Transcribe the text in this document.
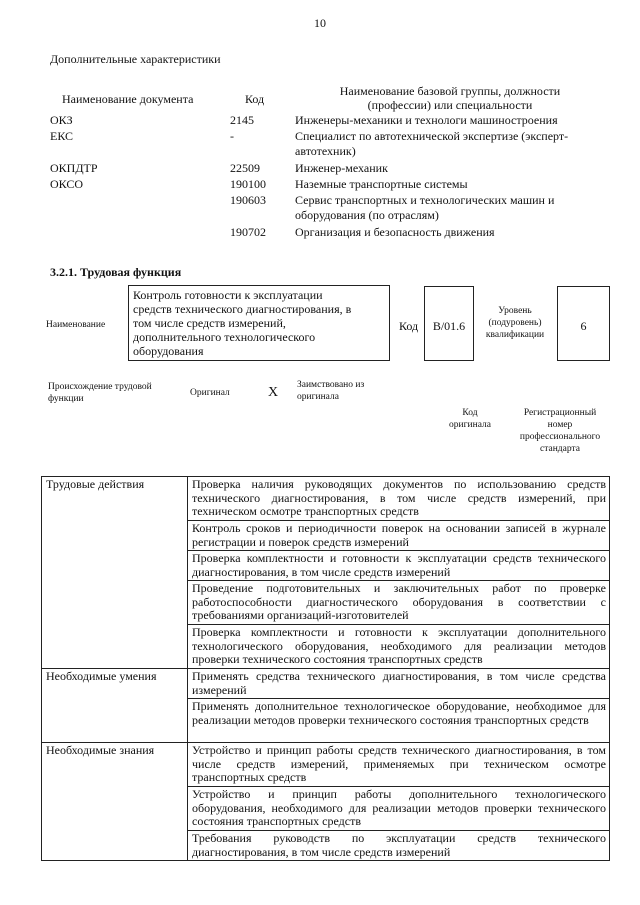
10
Дополнительные характеристики
Наименование документа	Код
Наименование базовой группы, должности
(профессии) или специальности
ОКЗ	2145	Инженеры-механики и технологи машиностроения
ЕКС	-	Специалист по автотехнической экспертизе (эксперт-
автотехник)
ОКПДТР	22509	Инженер-механик
ОКСО	190100 Наземные транспортные системы
190603 Сервис транспортных и технологических машин и
оборудования (по отраслям)
190702 Организация и безопасность движения
3.2.1. Трудовая функция
Наименование
Контроль готовности к эксплуатации
средств технического диагностирования, в
том числе средств измерений,
дополнительного технологического
оборудования
Код	B/01.6
Уровень
(подуровень)
квалификации
6
Происхождение трудовой
функции
Оригинал	X Заимствовано из
оригинала
Код
оригинала
Регистрационный
номер
профессионального
стандарта
Трудовые действия	Проверка наличия руководящих документов по использованию средств технического диагностирования, в том числе средств измерений, при техническом осмотре транспортных средств
	Контроль сроков и периодичности поверок на основании записей в журнале регистрации и поверок средств измерений
	Проверка комплектности и готовности к эксплуатации средств технического диагностирования, в том числе средств измерений
	Проведение подготовительных и заключительных работ по проверке работоспособности диагностического оборудования в соответствии с требованиями организаций-изготовителей
	Проверка комплектности и готовности к эксплуатации дополнительного технологического оборудования, необходимого для реализации методов проверки технического состояния транспортных средств
Необходимые умения	Применять средства технического диагностирования, в том числе средства измерений
	Применять дополнительное технологическое оборудование, необходимое для реализации методов проверки технического состояния транспортных средств
Необходимые знания	Устройство и принцип работы средств технического диагностирования, в том числе средств измерений, применяемых при техническом осмотре транспортных средств
	Устройство и принцип работы дополнительного технологического оборудования, необходимого для реализации методов проверки технического состояния транспортных средств
	Требования руководств по эксплуатации средств технического диагностирования, в том числе средств измерений
